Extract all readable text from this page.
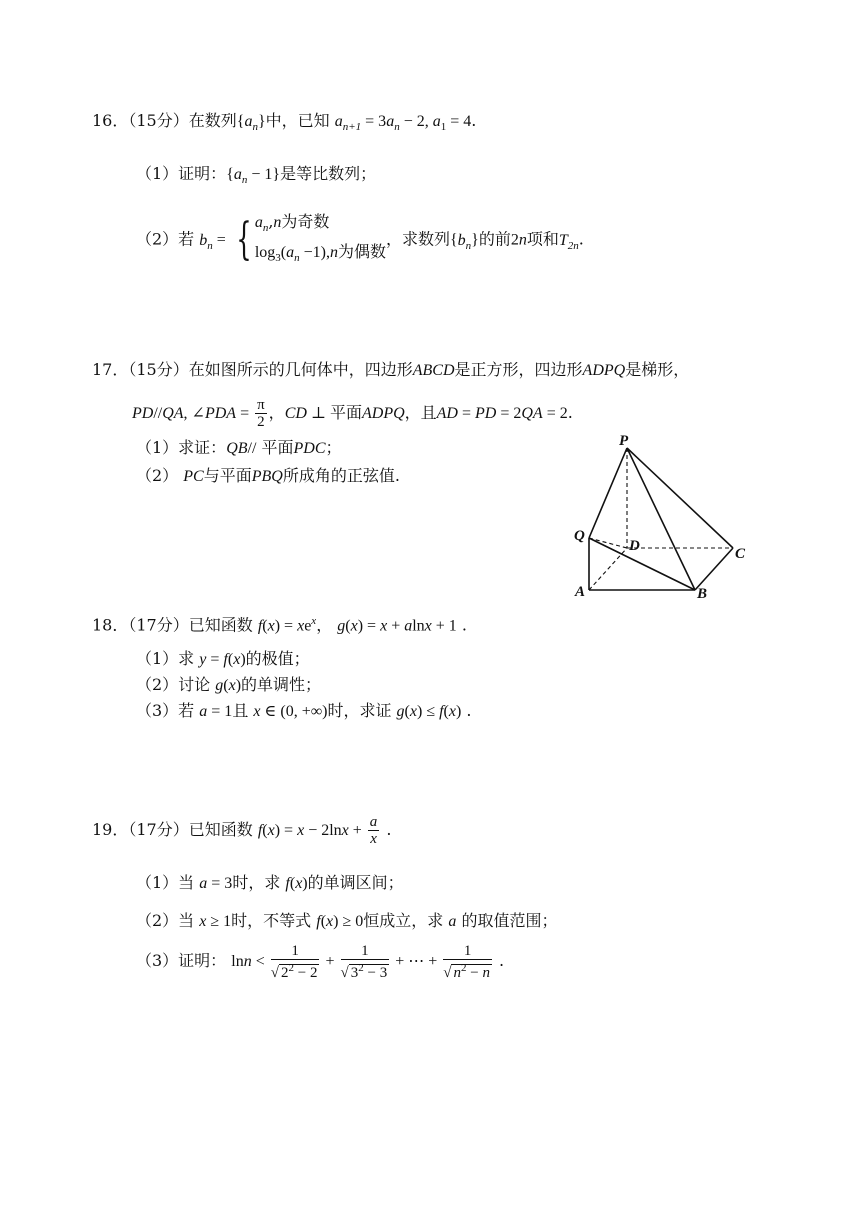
16．（15分）在数列$\{a_n\}$中，已知 $a_{n+1} = 3a_n - 2$, $a_1 = 4$.
（1）证明：$\{a_n - 1\}$是等比数列；
（2）若 $b_n$ = { $a_n,n$为奇数
$\log_3(a_n -1),n$为偶数
，求数列$\{b_n\}$的前2n项和$T_{2n}$.
17．（15分）在如图所示的几何体中，四边形ABCD是正方形，四边形ADPQ是梯形，
PD//QA, ∠PDA = $\frac{\pi}{2}$ ，CD ⊥ 平面ADPQ，且AD = PD = 2QA = 2.
（1）求证：QB// 平面PDC；
（2） PC与平面PBQ所成角的正弦值.
P
Q
D	C
A	B
18．（17分）已知函数 $f(x) = xe^x$， g(x) = x + alnx + 1 .
（1）求 y = f(x)的极值；
（2）讨论 g(x)的单调性；
（3）若 a = 1且 x ∈ (0, +∞)时，求证 g(x) ≤ f(x) .
19．（17分）已知函数 $f(x) = x - 2\ln x + \frac{a}{x}$ .
（1）当 a = 3时，求 f(x)的单调区间；
（2）当 x ≥ 1时，不等式 f(x) ≥ 0恒成立，求 a 的取值范围；
（3）证明： $\ln n < \frac{1}{√ 2^2 - 2} + \frac{1}{√ 3^2 - 3}$ + ⋯ + $\frac{1}{√ n^2 - n}$ .
